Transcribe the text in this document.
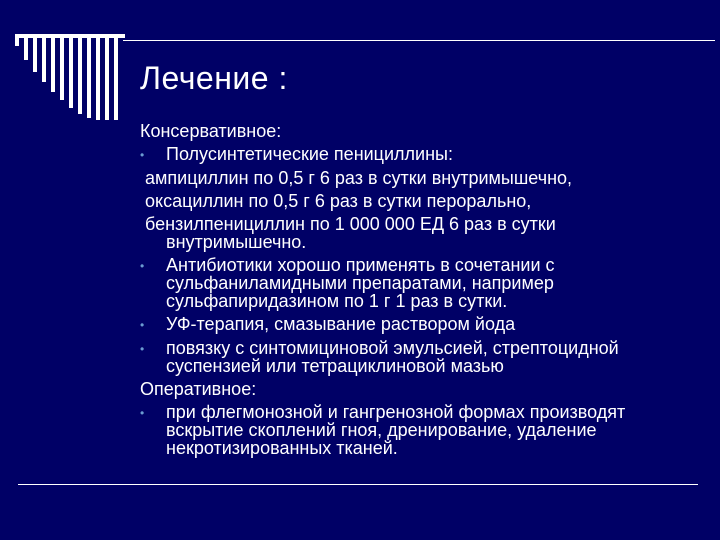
Лечение :
Консервативное:
•	Полусинтетические пенициллины:
ампициллин по 0,5 г 6 раз в сутки внутримышечно,
оксациллин по 0,5 г 6 раз в сутки перорально,
бензилпенициллин по 1 000 000 ЕД 6 раз в сутки
внутримышечно.
•	Антибиотики хорошо применять в сочетании с
сульфаниламидными препаратами, например
сульфапиридазином по 1 г 1 раз в сутки.
•	УФ-терапия, смазывание раствором йода
•	повязку с синтомициновой эмульсией, стрептоцидной
суспензией или тетрациклиновой мазью
Оперативное:
•	при флегмонозной и гангренозной формах производят
вскрытие скоплений гноя, дренирование, удаление
некротизированных тканей.
